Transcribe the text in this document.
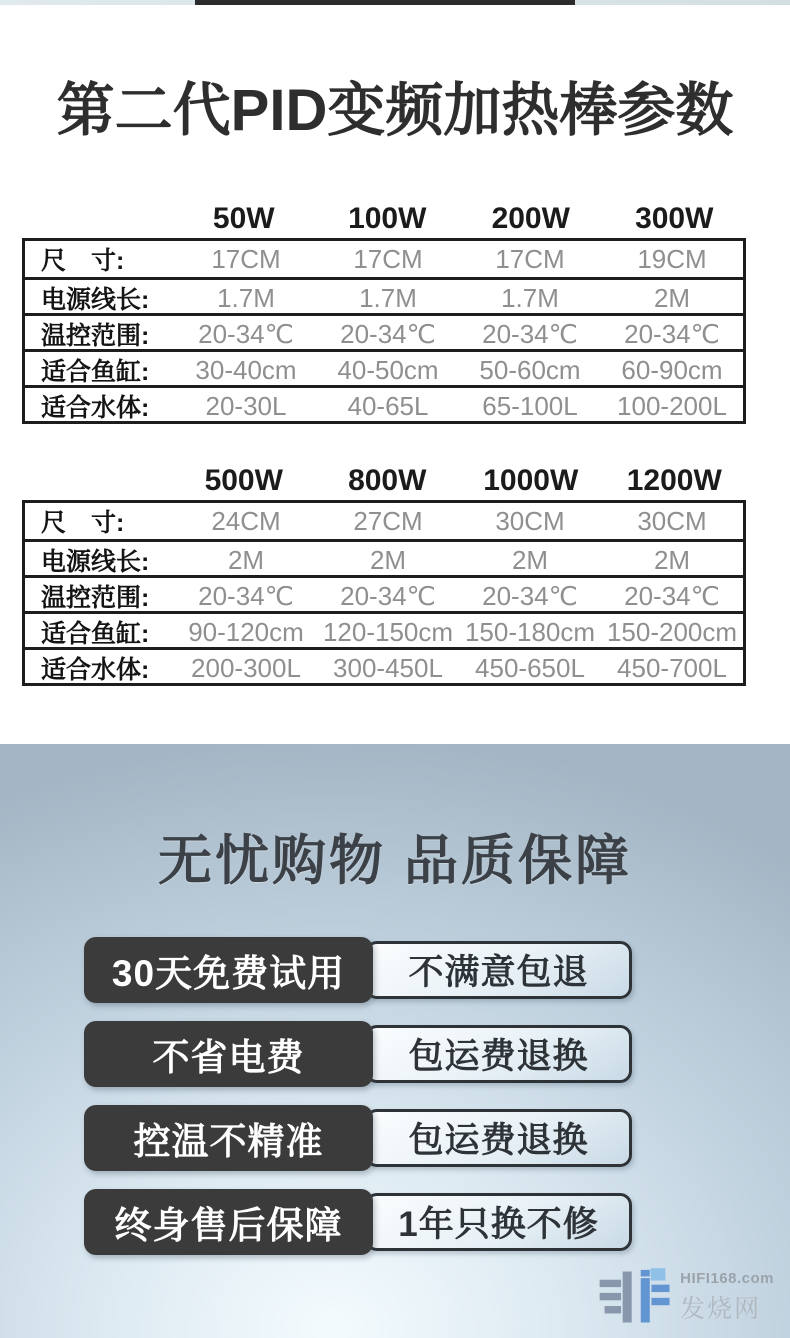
第二代PID变频加热棒参数
50W	100W	200W	300W
尺　寸:	17CM	17CM	17CM	19CM
电源线长:	1.7M	1.7M	1.7M	2M
温控范围:	20-34℃	20-34℃	20-34℃	20-34℃
适合鱼缸:	30-40cm	40-50cm	50-60cm	60-90cm
适合水体:	20-30L	40-65L	65-100L	100-200L
500W	800W	1000W	1200W
尺　寸:	24CM	27CM	30CM	30CM
电源线长:	2M	2M	2M	2M
温控范围:	20-34℃	20-34℃	20-34℃	20-34℃
适合鱼缸:	90-120cm 120-150cm 150-180cm 150-200cm
适合水体:	200-300L	300-450L	450-650L	450-700L
无忧购物 品质保障
不满意包退
30天免费试用
包运费退换
不省电费
包运费退换
控温不精准
1年只换不修
终身售后保障
HIFI168.com
发烧网
